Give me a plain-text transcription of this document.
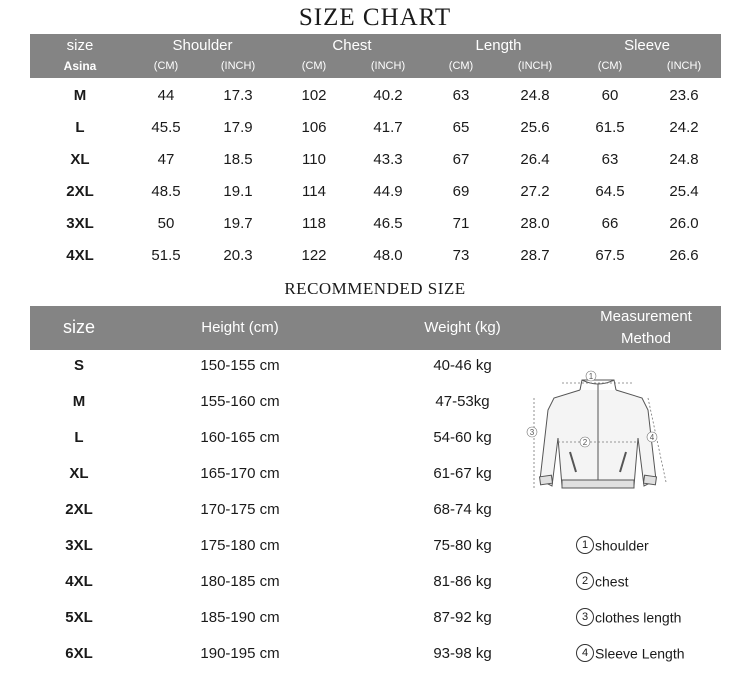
SIZE CHART
size
Asina
Shoulder	Chest	Length	Sleeve
(CM)	(INCH)	(CM)	(INCH)	(CM)	(INCH)	(CM)	(INCH)
M	44	17.3	102	40.2	63	24.8	60	23.6
L	45.5	17.9	106	41.7	65	25.6	61.5	24.2
XL	47	18.5	110	43.3	67	26.4	63	24.8
2XL	48.5	19.1	114	44.9	69	27.2	64.5	25.4
3XL	50	19.7	118	46.5	71	28.0	66	26.0
4XL	51.5	20.3	122	48.0	73	28.7	67.5	26.6
RECOMMENDED SIZE
size	Height (cm)	Weight (kg)
Measurement
Method
S	150-155 cm	40-46 kg
M	155-160 cm	47-53kg
L	160-165 cm	54-60 kg
XL	165-170 cm	61-67 kg
2XL	170-175 cm	68-74 kg
3XL	175-180 cm	75-80 kg
4XL	180-185 cm	81-86 kg
5XL	185-190 cm	87-92 kg
6XL	190-195 cm	93-98 kg
1
2
3
4
1 shoulder
2 chest
3 clothes length
4 Sleeve Length
